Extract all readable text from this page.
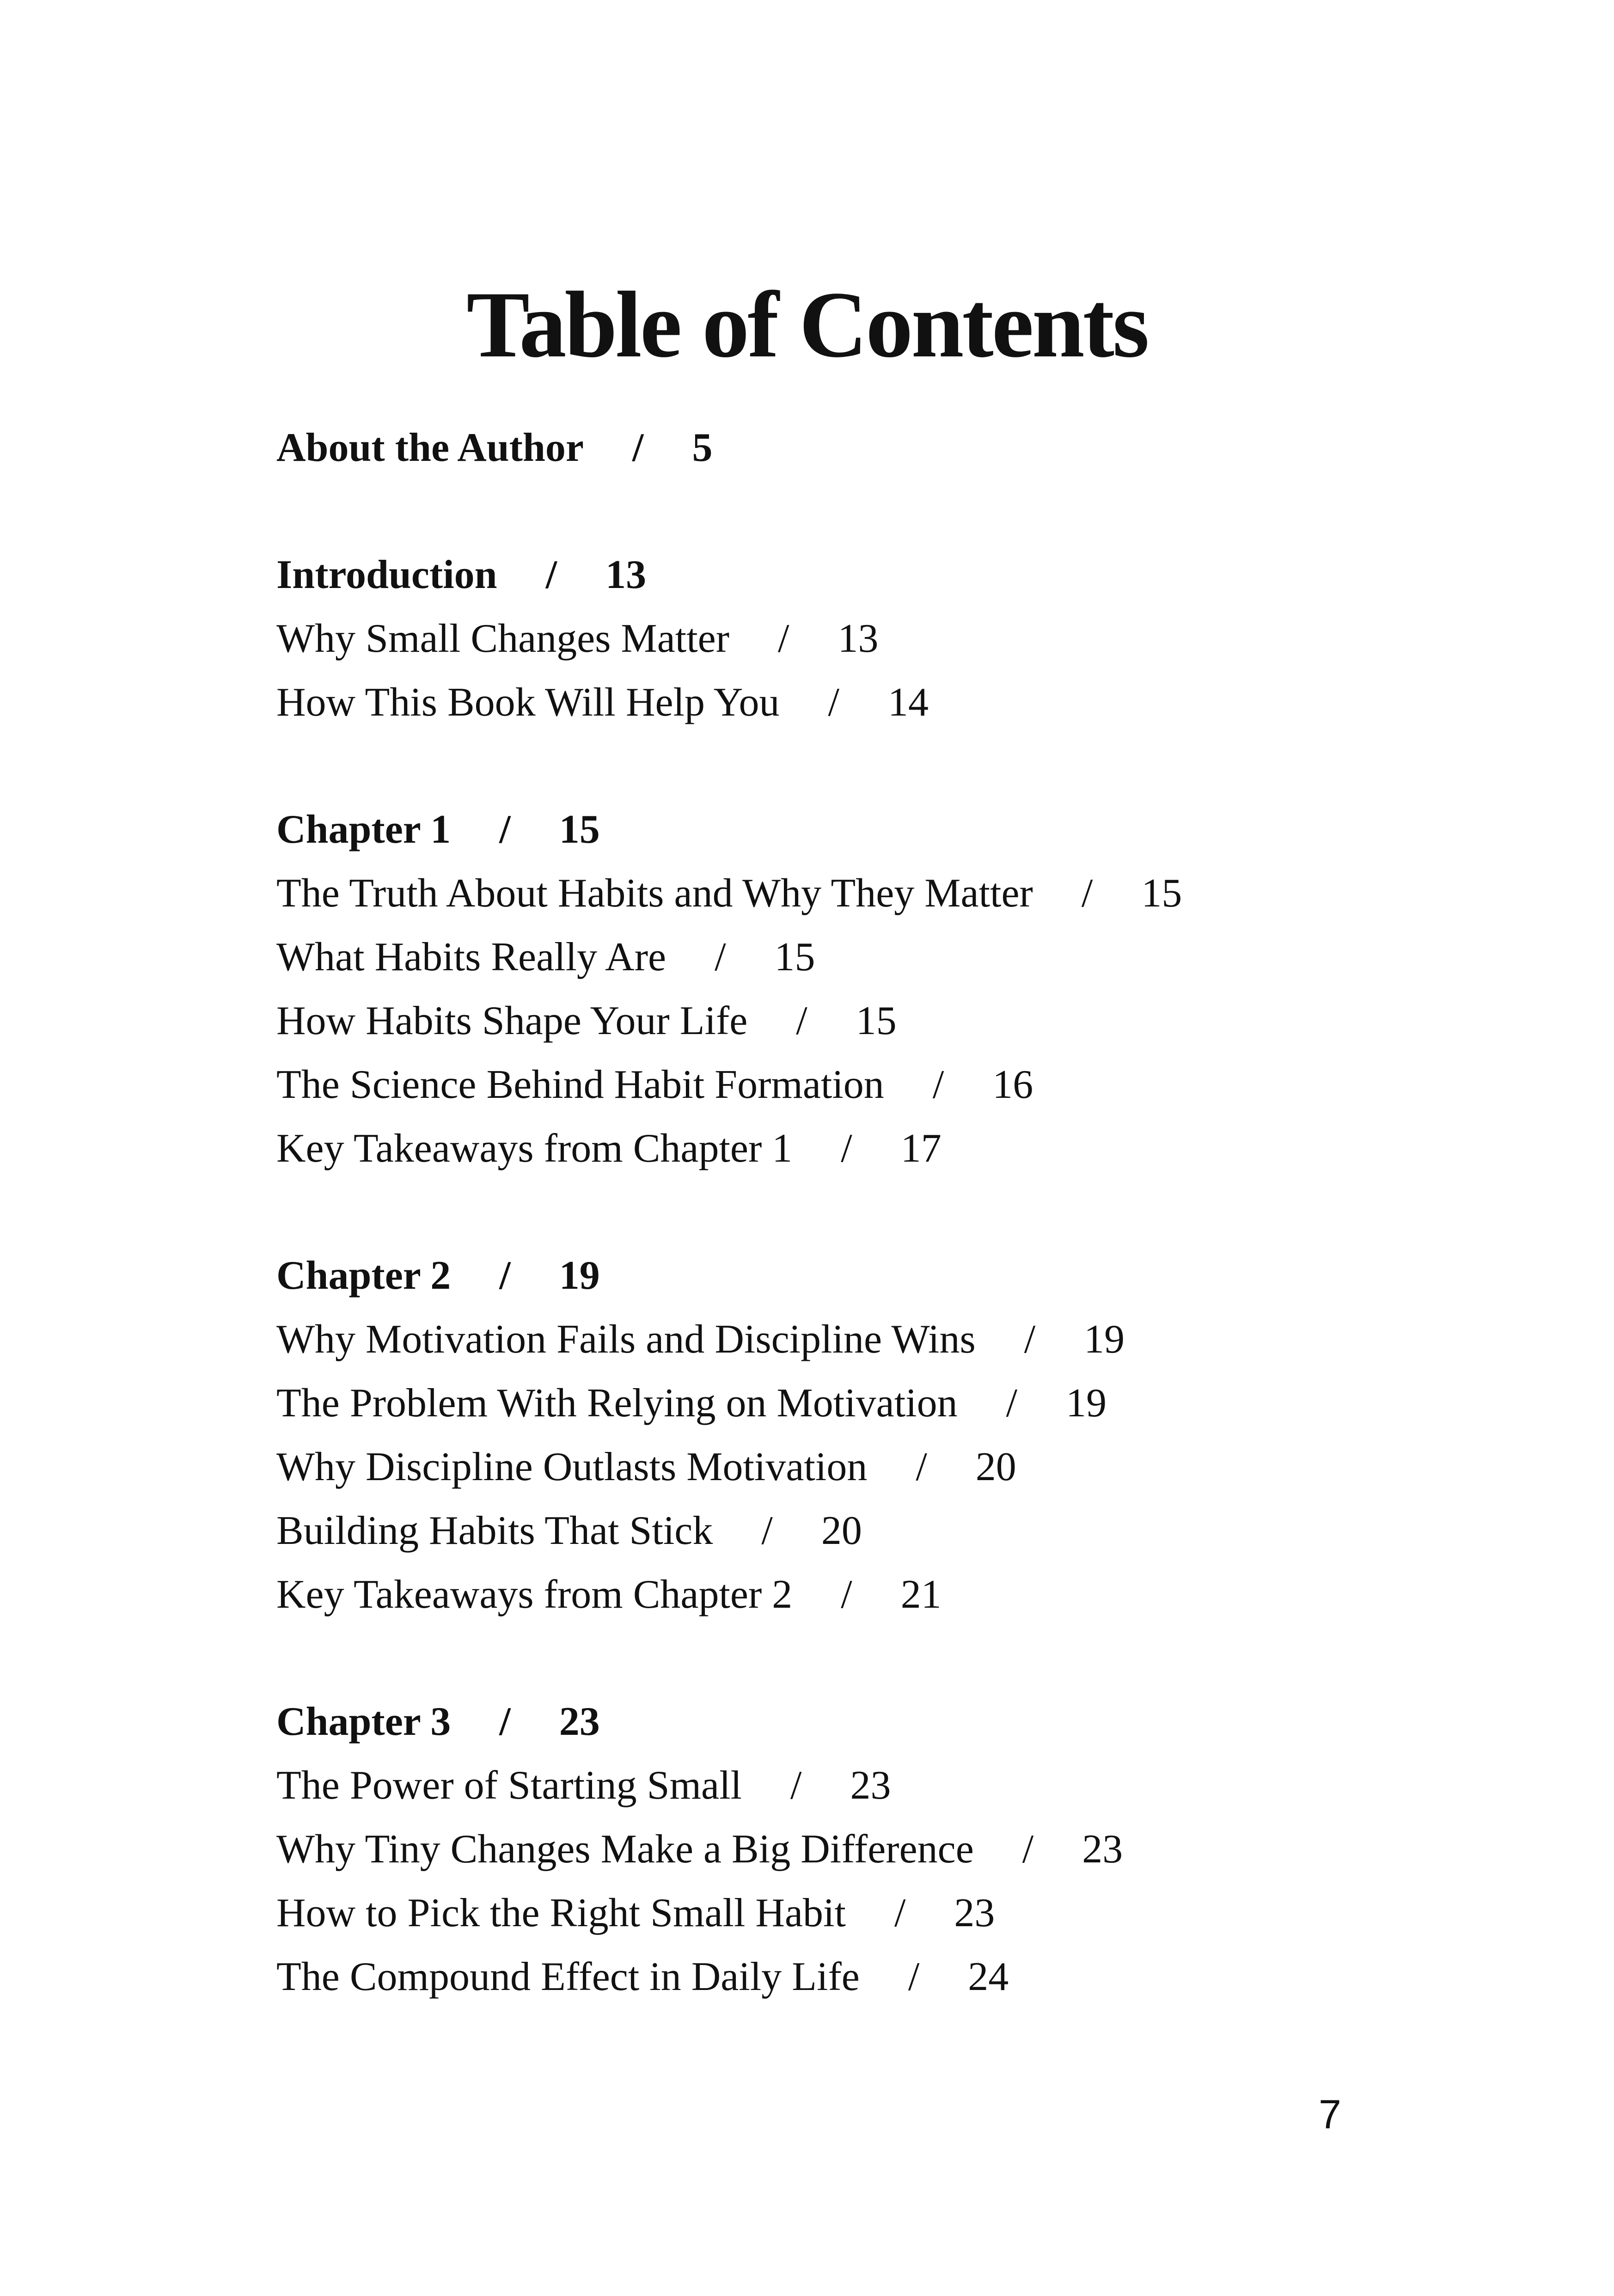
Table of Contents
About the Author / 5
Introduction / 13
Why Small Changes Matter / 13
How This Book Will Help You / 14
Chapter 1 / 15
The Truth About Habits and Why They Matter / 15
What Habits Really Are / 15
How Habits Shape Your Life / 15
The Science Behind Habit Formation / 16
Key Takeaways from Chapter 1 / 17
Chapter 2 / 19
Why Motivation Fails and Discipline Wins / 19
The Problem With Relying on Motivation / 19
Why Discipline Outlasts Motivation / 20
Building Habits That Stick / 20
Key Takeaways from Chapter 2 / 21
Chapter 3 / 23
The Power of Starting Small / 23
Why Tiny Changes Make a Big Difference / 23
How to Pick the Right Small Habit / 23
The Compound Effect in Daily Life / 24
7
